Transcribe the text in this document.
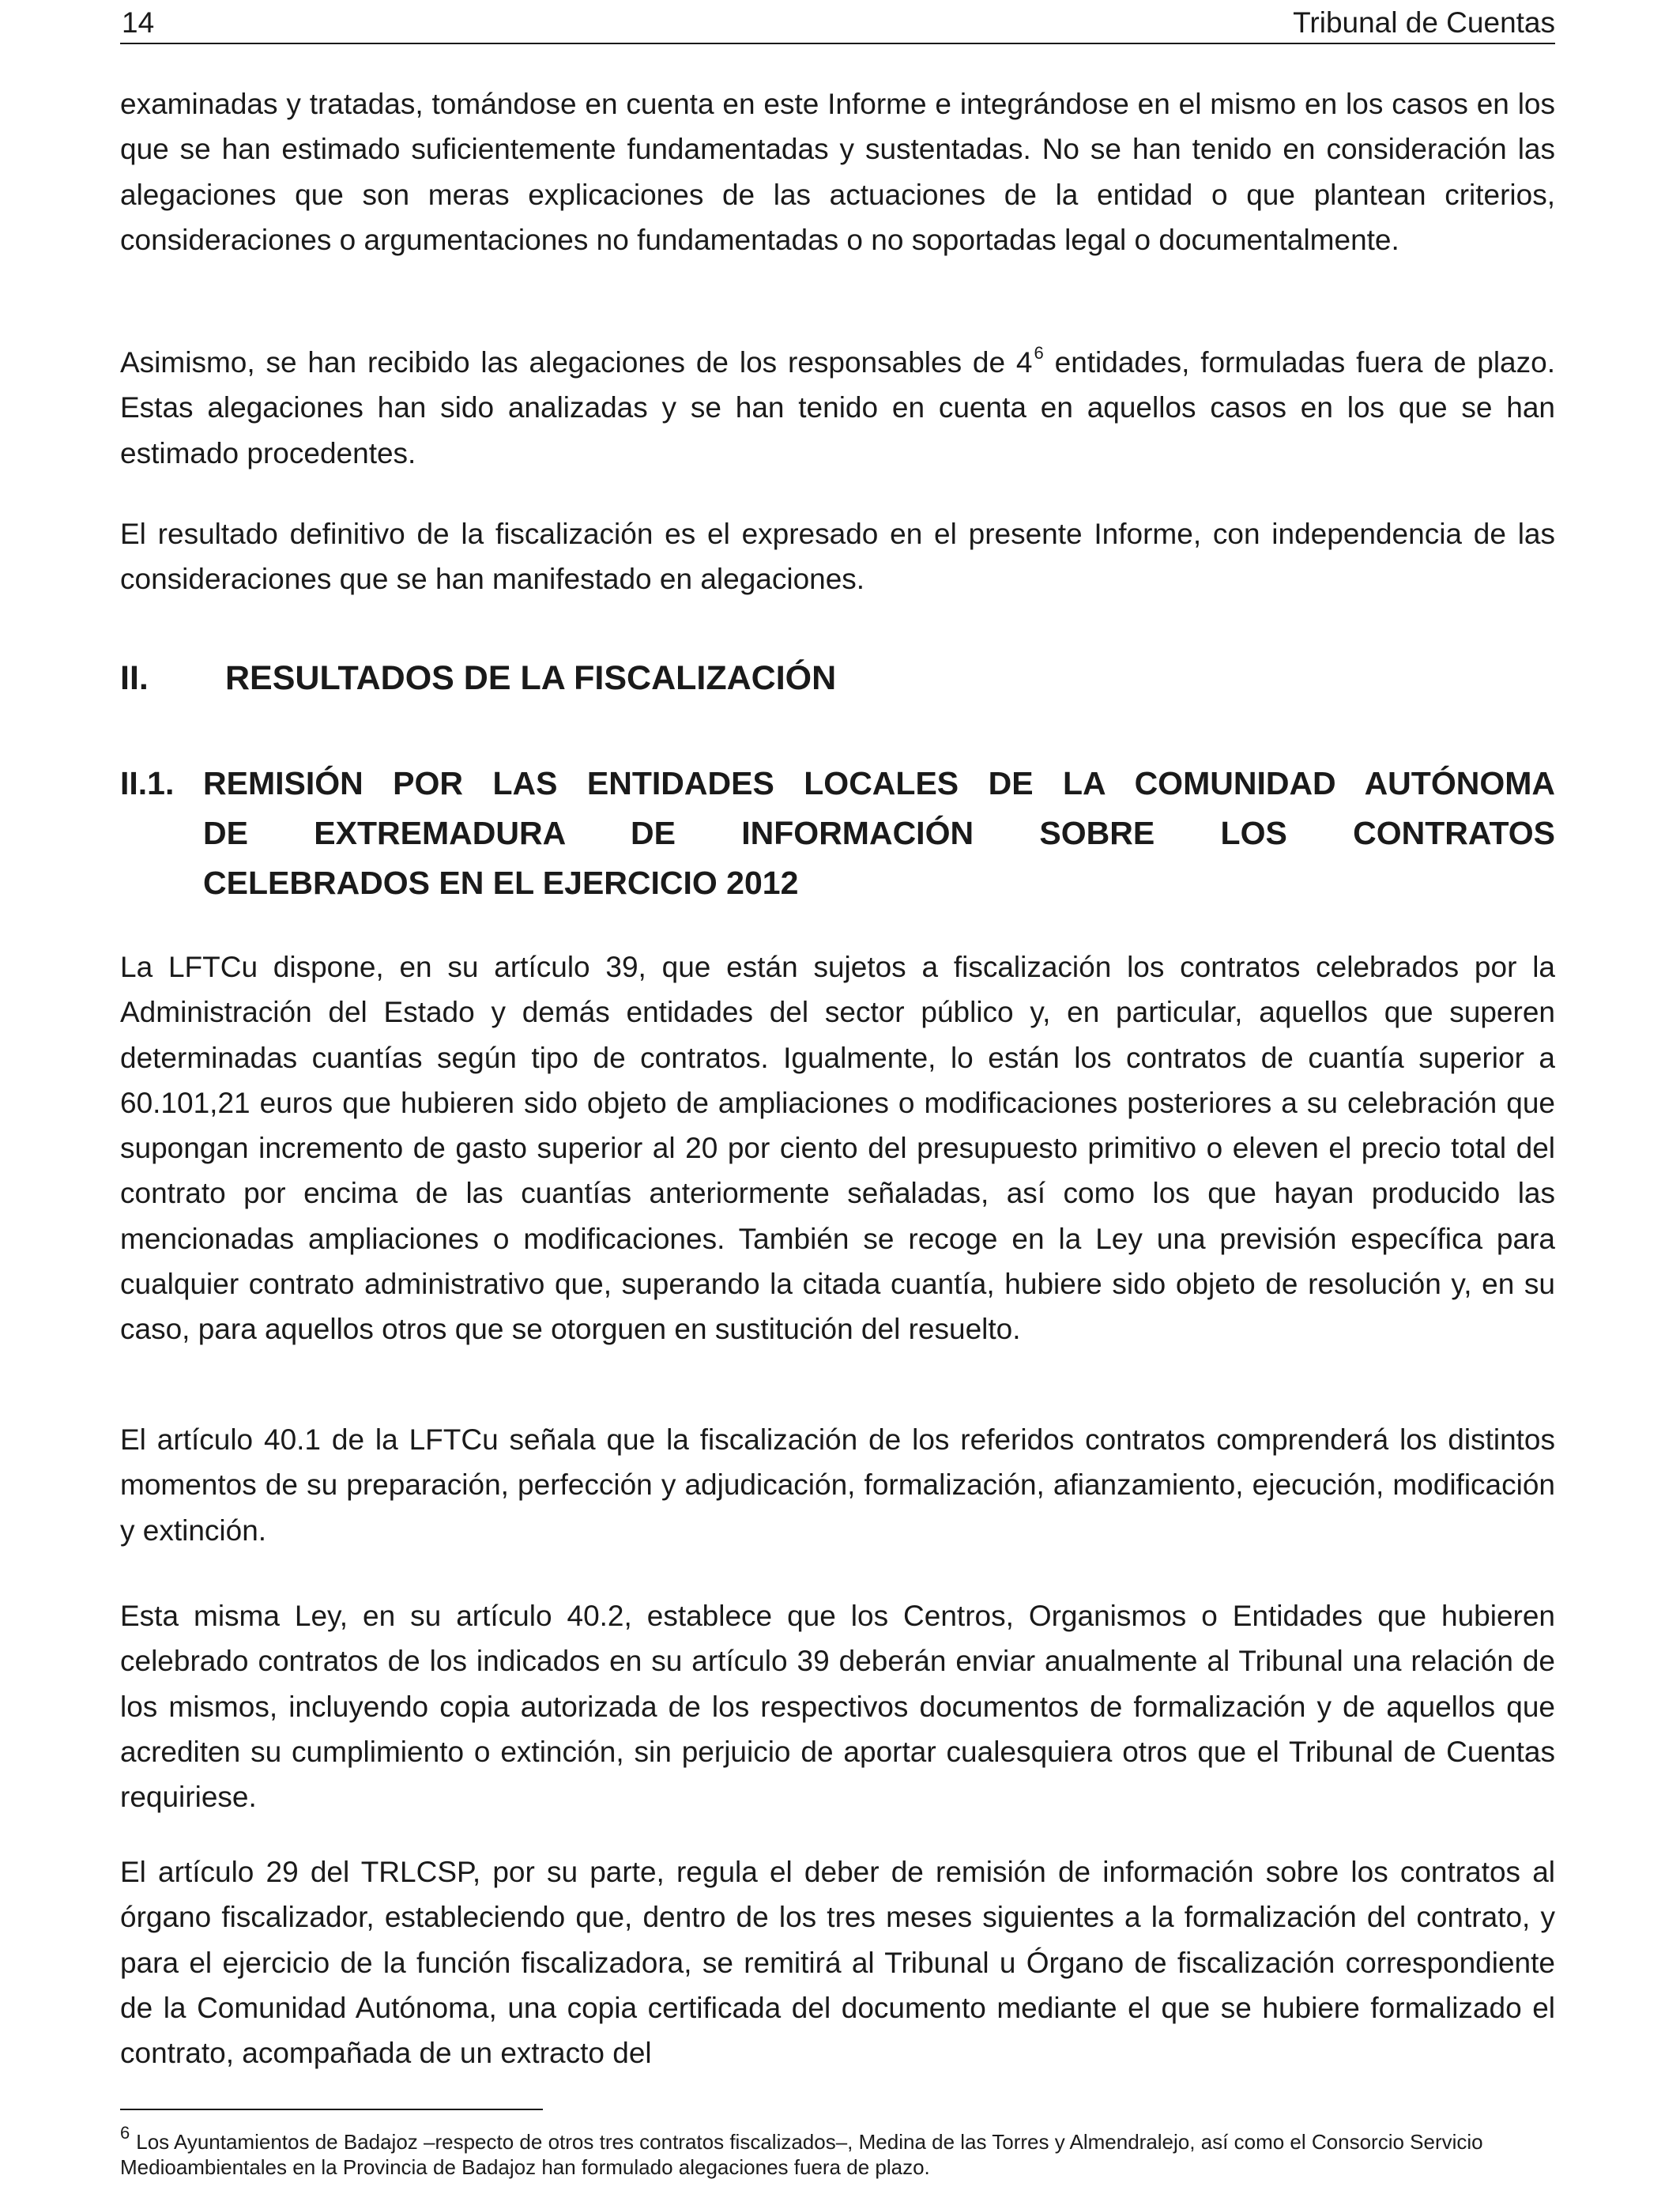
14	Tribunal de Cuentas

examinadas y tratadas, tomándose en cuenta en este Informe e integrándose en el mismo en los casos en los que se han estimado suficientemente fundamentadas y sustentadas. No se han tenido en consideración las alegaciones que son meras explicaciones de las actuaciones de la entidad o que plantean criterios, consideraciones o argumentaciones no fundamentadas o no soportadas legal o documentalmente.

Asimismo, se han recibido las alegaciones de los responsables de 4$^6$ entidades, formuladas fuera de plazo. Estas alegaciones han sido analizadas y se han tenido en cuenta en aquellos casos en los que se han estimado procedentes.

El resultado definitivo de la fiscalización es el expresado en el presente Informe, con independencia de las consideraciones que se han manifestado en alegaciones.

II. RESULTADOS DE LA FISCALIZACIÓN
II.1. REMISIÓN POR LAS ENTIDADES LOCALES DE LA COMUNIDAD AUTÓNOMA
DE EXTREMADURA DE INFORMACIÓN SOBRE LOS CONTRATOS
CELEBRADOS EN EL EJERCICIO 2012

La LFTCu dispone, en su artículo 39, que están sujetos a fiscalización los contratos celebrados por la Administración del Estado y demás entidades del sector público y, en particular, aquellos que superen determinadas cuantías según tipo de contratos. Igualmente, lo están los contratos de cuantía superior a 60.101,21 euros que hubieren sido objeto de ampliaciones o modificaciones posteriores a su celebración que supongan incremento de gasto superior al 20 por ciento del presupuesto primitivo o eleven el precio total del contrato por encima de las cuantías anteriormente señaladas, así como los que hayan producido las mencionadas ampliaciones o modificaciones. También se recoge en la Ley una previsión específica para cualquier contrato administrativo que, superando la citada cuantía, hubiere sido objeto de resolución y, en su caso, para aquellos otros que se otorguen en sustitución del resuelto.

El artículo 40.1 de la LFTCu señala que la fiscalización de los referidos contratos comprenderá los distintos momentos de su preparación, perfección y adjudicación, formalización, afianzamiento, ejecución, modificación y extinción.

Esta misma Ley, en su artículo 40.2, establece que los Centros, Organismos o Entidades que hubieren celebrado contratos de los indicados en su artículo 39 deberán enviar anualmente al Tribunal una relación de los mismos, incluyendo copia autorizada de los respectivos documentos de formalización y de aquellos que acrediten su cumplimiento o extinción, sin perjuicio de aportar cualesquiera otros que el Tribunal de Cuentas requiriese.

El artículo 29 del TRLCSP, por su parte, regula el deber de remisión de información sobre los contratos al órgano fiscalizador, estableciendo que, dentro de los tres meses siguientes a la formalización del contrato, y para el ejercicio de la función fiscalizadora, se remitirá al Tribunal u Órgano de fiscalización correspondiente de la Comunidad Autónoma, una copia certificada del documento mediante el que se hubiere formalizado el contrato, acompañada de un extracto del

$^6$ Los Ayuntamientos de Badajoz –respecto de otros tres contratos fiscalizados–, Medina de las Torres y Almendralejo, así como el Consorcio Servicio Medioambientales en la Provincia de Badajoz han formulado alegaciones fuera de plazo.
